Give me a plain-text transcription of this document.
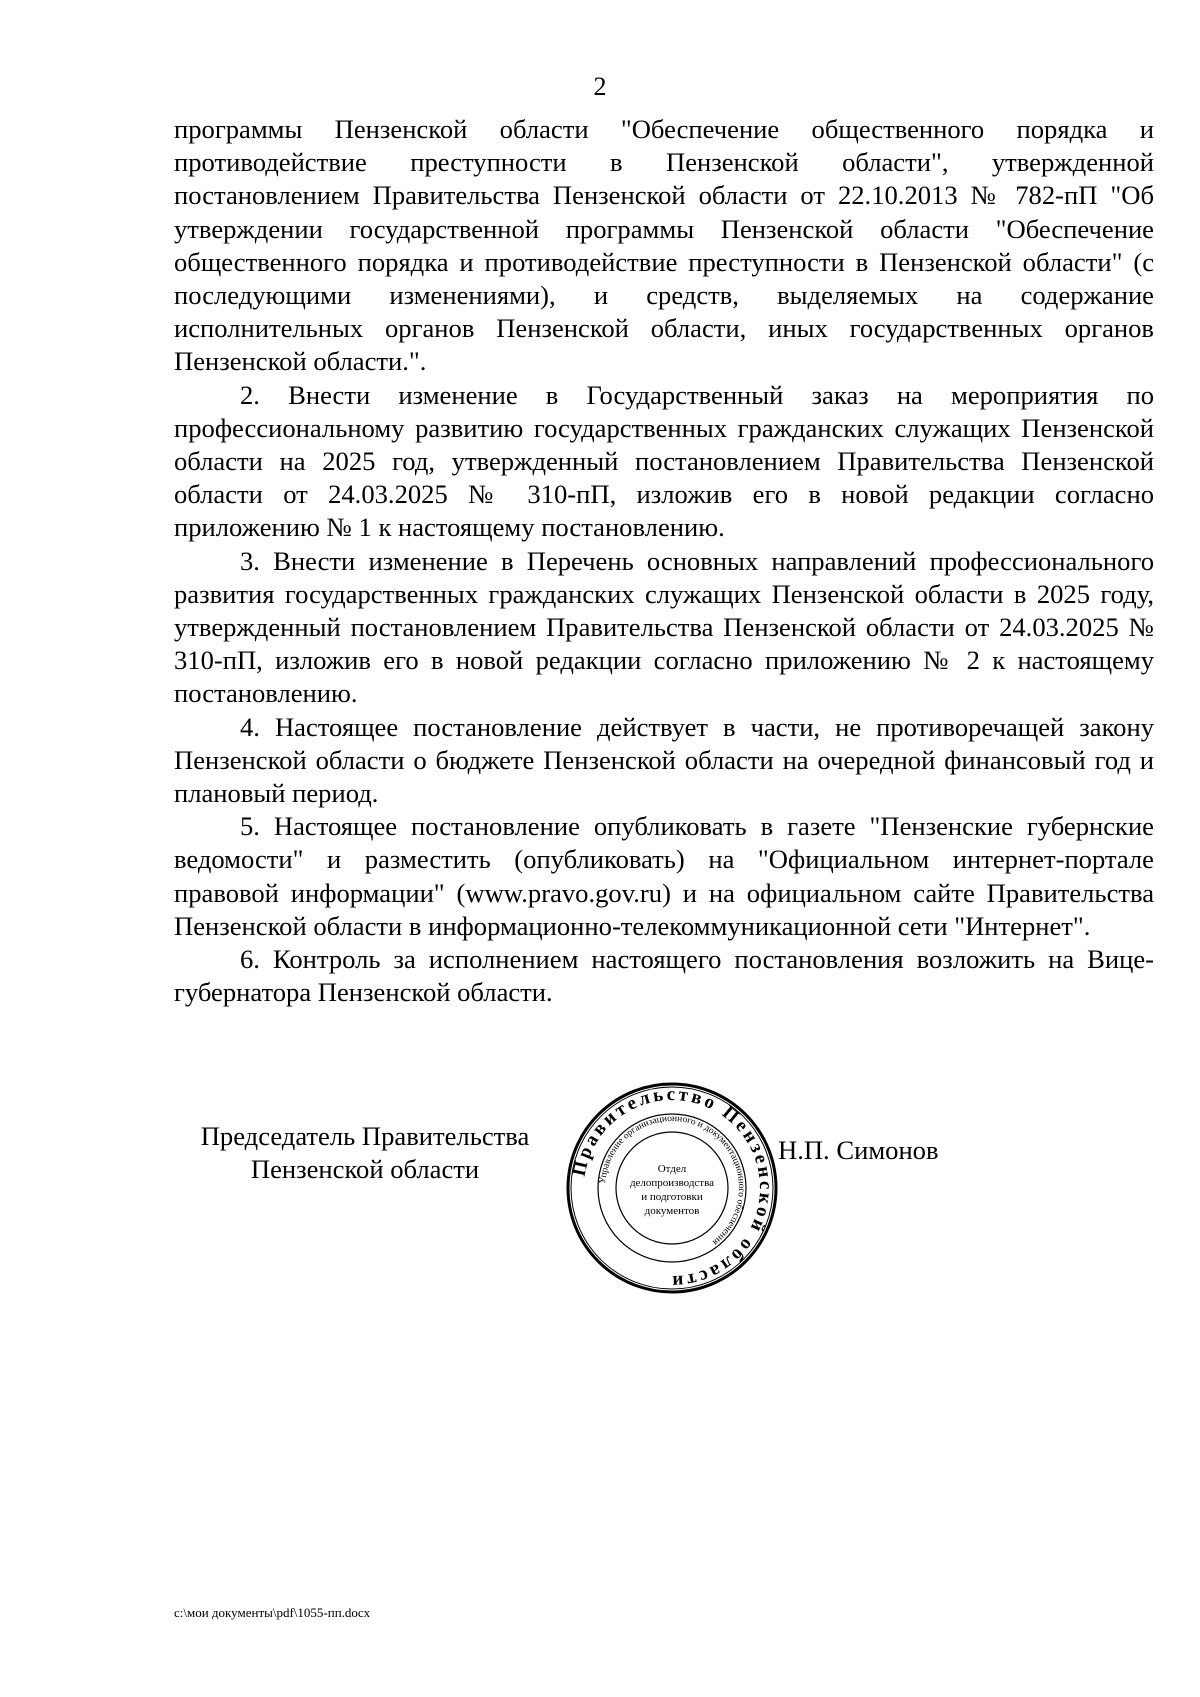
2

программы Пензенской области "Обеспечение общественного порядка и противодействие преступности в Пензенской области", утвержденной постановлением Правительства Пензенской области от 22.10.2013 № 782-пП "Об утверждении государственной программы Пензенской области "Обеспечение общественного порядка и противодействие преступности в Пензенской области" (с последующими изменениями), и средств, выделяемых на содержание исполнительных органов Пензенской области, иных государственных органов Пензенской области.".

2. Внести изменение в Государственный заказ на мероприятия по профессиональному развитию государственных гражданских служащих Пензенской области на 2025 год, утвержденный постановлением Правительства Пензенской области от 24.03.2025 № 310-пП, изложив его в новой редакции согласно приложению № 1 к настоящему постановлению.

3. Внести изменение в Перечень основных направлений профессионального развития государственных гражданских служащих Пензенской области в 2025 году, утвержденный постановлением Правительства Пензенской области от 24.03.2025 № 310-пП, изложив его в новой редакции согласно приложению № 2 к настоящему постановлению.

4. Настоящее постановление действует в части, не противоречащей закону Пензенской области о бюджете Пензенской области на очередной финансовый год и плановый период.

5. Настоящее постановление опубликовать в газете "Пензенские губернские ведомости" и разместить (опубликовать) на "Официальном интернет-портале правовой информации" (www.pravo.gov.ru) и на официальном сайте Правительства Пензенской области в информационно-телекоммуникационной сети "Интернет".

6. Контроль за исполнением настоящего постановления возложить на Вице-губернатора Пензенской области.

Председатель Правительства
Пензенской области
Н.П. Симонов
Правительство Пензенской области
Управление организационного и документационного обеспечения
Отдел
делопроизводства
и подготовки
документов
c:\мои документы\pdf\1055-пп.docx
